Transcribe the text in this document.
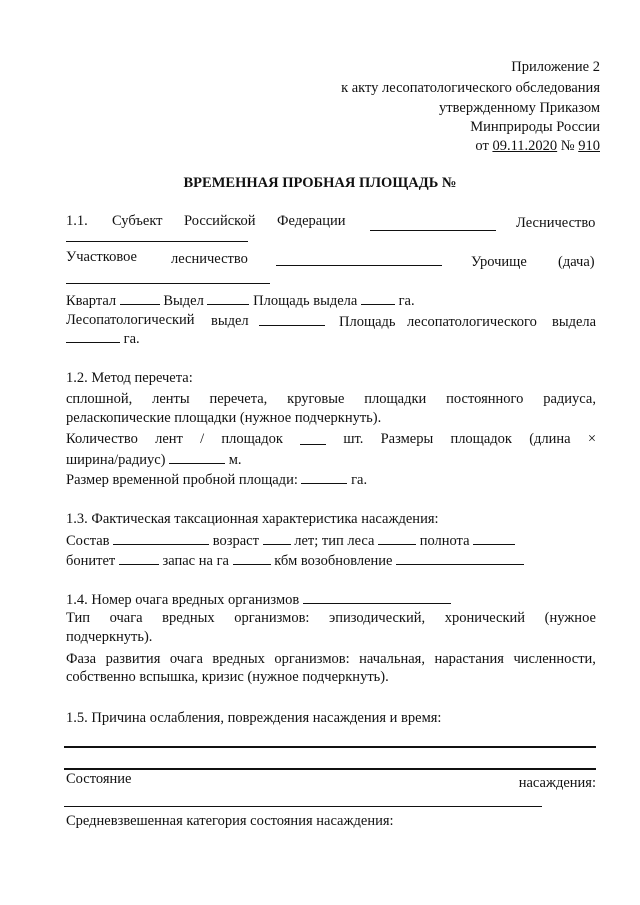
Приложение 2
к акту лесопатологического обследования
утвержденному Приказом
Минприроды России
от 09.11.2020 № 910
ВРЕМЕННАЯ ПРОБНАЯ ПЛОЩАДЬ №
1.1. Субъект Российской Федерации	Лесничество
Участковое лесничество	Урочище (дача)
Квартал	Выдел	Площадь выдела	га.
Лесопатологический выдел	Площадь лесопатологического выдела
га.
1.2. Метод перечета:
сплошной, ленты перечета, круговые площадки постоянного радиуса,
реласкопические площадки (нужное подчеркнуть).
Количество лент / площадок	шт. Размеры площадок (длина ×
ширина/радиус)	м.
Размер временной пробной площади:	га.
1.3. Фактическая таксационная характеристика насаждения:
Состав	возраст лет; тип леса	полнота
бонитет	запас на га	кбм возобновление
1.4. Номер очага вредных организмов
Тип очага вредных организмов: эпизодический, хронический (нужное
подчеркнуть).
Фаза развития очага вредных организмов: начальная, нарастания численности,
собственно вспышка, кризис (нужное подчеркнуть).
1.5. Причина ослабления, повреждения насаждения и время:
Состояние	насаждения:
Средневзвешенная категория состояния насаждения:
